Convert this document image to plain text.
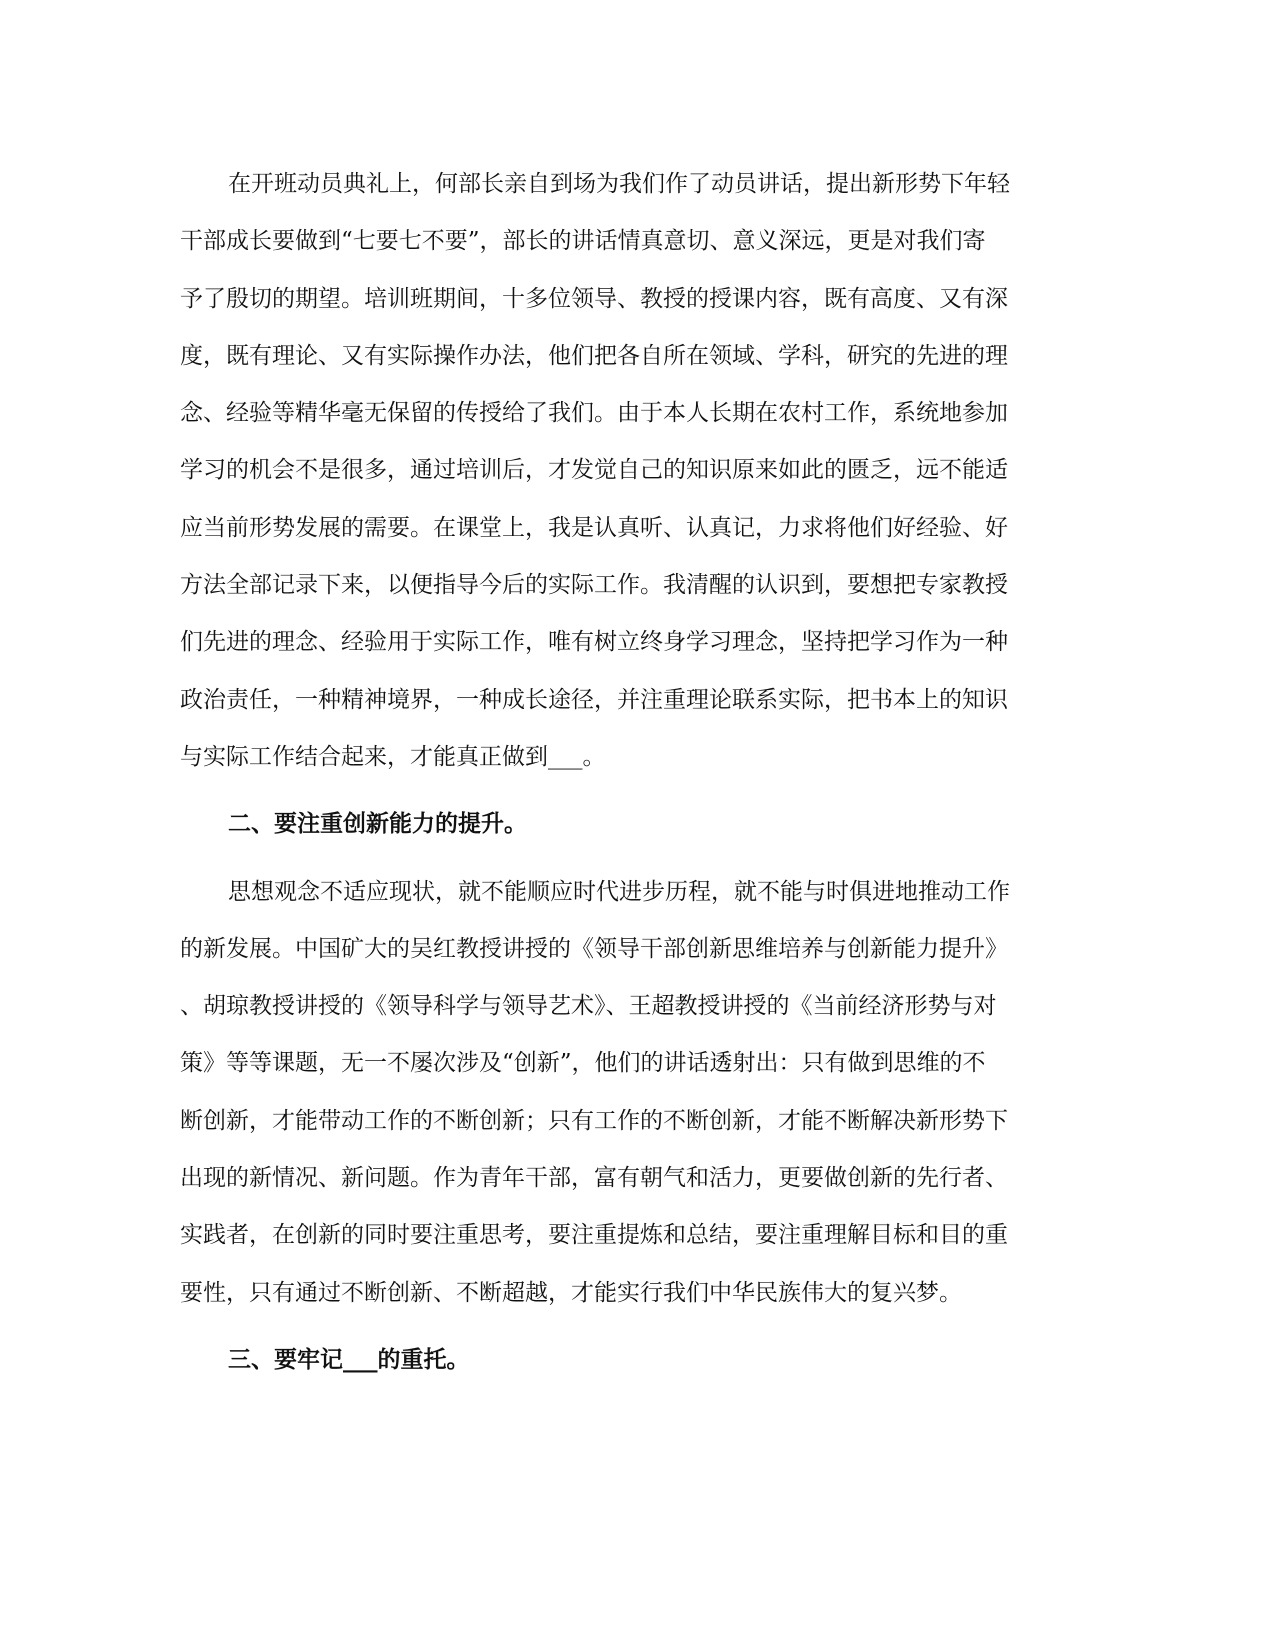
在开班动员典礼上，何部长亲自到场为我们作了动员讲话，提出新形势下年轻
干部成长要做到“七要七不要”，部长的讲话情真意切、意义深远，更是对我们寄
予了殷切的期望。培训班期间，十多位领导、教授的授课内容，既有高度、又有深
度，既有理论、又有实际操作办法，他们把各自所在领域、学科，研究的先进的理
念、经验等精华毫无保留的传授给了我们。由于本人长期在农村工作，系统地参加
学习的机会不是很多，通过培训后，才发觉自己的知识原来如此的匮乏，远不能适
应当前形势发展的需要。在课堂上，我是认真听、认真记，力求将他们好经验、好
方法全部记录下来，以便指导今后的实际工作。我清醒的认识到，要想把专家教授
们先进的理念、经验用于实际工作，唯有树立终身学习理念，坚持把学习作为一种
政治责任，一种精神境界，一种成长途径，并注重理论联系实际，把书本上的知识
与实际工作结合起来，才能真正做到___。
二、要注重创新能力的提升。
思想观念不适应现状，就不能顺应时代进步历程，就不能与时俱进地推动工作
的新发展。中国矿大的吴红教授讲授的《领导干部创新思维培养与创新能力提升》
、胡琼教授讲授的《领导科学与领导艺术》、王超教授讲授的《当前经济形势与对
策》等等课题，无一不屡次涉及“创新”，他们的讲话透射出：只有做到思维的不
断创新，才能带动工作的不断创新；只有工作的不断创新，才能不断解决新形势下
出现的新情况、新问题。作为青年干部，富有朝气和活力，更要做创新的先行者、
实践者，在创新的同时要注重思考，要注重提炼和总结，要注重理解目标和目的重
要性，只有通过不断创新、不断超越，才能实行我们中华民族伟大的复兴梦。
三、要牢记___的重托。
